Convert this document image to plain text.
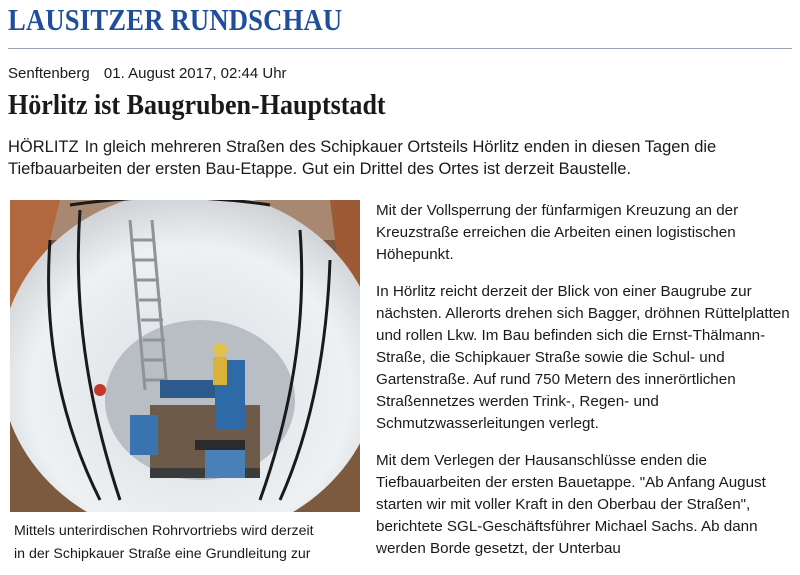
LAUSITZER RUNDSCHAU
Senftenberg 01. August 2017, 02:44 Uhr
Hörlitz ist Baugruben-Hauptstadt
HÖRLITZ In gleich mehreren Straßen des Schipkauer Ortsteils Hörlitz enden in diesen Tagen die Tiefbauarbeiten der ersten Bau-Etappe. Gut ein Drittel des Ortes ist derzeit Baustelle.
Mittels unterirdischen Rohrvortriebs wird derzeit
in der Schipkauer Straße eine Grundleitung zur

Mit der Vollsperrung der fünfarmigen Kreuzung an der Kreuzstraße erreichen die Arbeiten einen logistischen Höhepunkt.

In Hörlitz reicht derzeit der Blick von einer Baugrube zur nächsten. Allerorts drehen sich Bagger, dröhnen Rüttelplatten und rollen Lkw. Im Bau befinden sich die Ernst-Thälmann-Straße, die Schipkauer Straße sowie die Schul- und Gartenstraße. Auf rund 750 Metern des innerörtlichen Straßennetzes werden Trink-, Regen- und Schmutzwasserleitungen verlegt.

Mit dem Verlegen der Hausanschlüsse enden die Tiefbauarbeiten der ersten Bauetappe. "Ab Anfang August starten wir mit voller Kraft in den Oberbau der Straßen", berichtete SGL-Geschäftsführer Michael Sachs. Ab dann werden Borde gesetzt, der Unterbau
